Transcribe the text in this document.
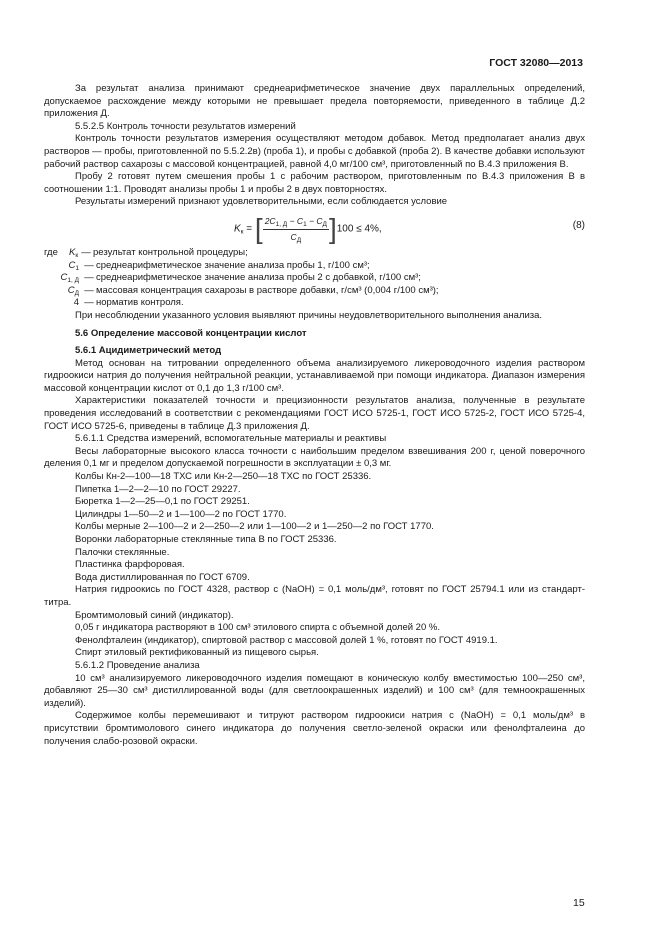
ГОСТ 32080—2013

За результат анализа принимают среднеарифметическое значение двух параллельных определений, допускаемое расхождение между которыми не превышает предела повторяемости, приведенного в таблице Д.2 приложения Д.

5.5.2.5 Контроль точности результатов измерений

Контроль точности результатов измерения осуществляют методом добавок. Метод предполагает анализ двух растворов — пробы, приготовленной по 5.5.2.2в) (проба 1), и пробы с добавкой (проба 2). В качестве добавки используют рабочий раствор сахарозы с массовой концентрацией, равной 4,0 мг/100 см³, приготовленный по В.4.3 приложения В.

Пробу 2 готовят путем смешения пробы 1 с рабочим раствором, приготовленным по В.4.3 приложения В в соотношении 1:1. Проводят анализы пробы 1 и пробы 2 в двух повторностях.

Результаты измерений признают удовлетворительными, если соблюдается условие

$K_к$ = [ $\frac{2C_{1, Д} - C_1 - C_Д}{C_Д} ]100 \le 4\%$,	(8)
где	$K_к$ — результат контрольной процедуры;
$C_1$ — среднеарифметическое значение анализа пробы 1, г/100 см³;
$C_{1, Д}$ — среднеарифметическое значение анализа пробы 2 с добавкой, г/100 см³;
$C_Д$ — массовая концентрация сахарозы в растворе добавки, г/см³ (0,004 г/100 см³);
4 — норматив контроля.

При несоблюдении указанного условия выявляют причины неудовлетворительного выполнения анализа.

5.6 Определение массовой концентрации кислот

5.6.1 Ацидиметрический метод

Метод основан на титровании определенного объема анализируемого ликероводочного изделия раствором гидроокиси натрия до получения нейтральной реакции, устанавливаемой при помощи индикатора. Диапазон измерения массовой концентрации кислот от 0,1 до 1,3 г/100 см³.

Характеристики показателей точности и прецизионности результатов анализа, полученные в результате проведения исследований в соответствии с рекомендациями ГОСТ ИСО 5725-1, ГОСТ ИСО 5725-2, ГОСТ ИСО 5725-4, ГОСТ ИСО 5725-6, приведены в таблице Д.3 приложения Д.

5.6.1.1 Средства измерений, вспомогательные материалы и реактивы

Весы лабораторные высокого класса точности с наибольшим пределом взвешивания 200 г, ценой поверочного деления 0,1 мг и пределом допускаемой погрешности в эксплуатации ± 0,3 мг.

Колбы Кн-2—100—18 ТХС или Кн-2—250—18 ТХС по ГОСТ 25336.

Пипетка 1—2—2—10 по ГОСТ 29227.

Бюретка 1—2—25—0,1 по ГОСТ 29251.

Цилиндры 1—50—2 и 1—100—2 по ГОСТ 1770.

Колбы мерные 2—100—2 и 2—250—2 или 1—100—2 и 1—250—2 по ГОСТ 1770.

Воронки лабораторные стеклянные типа В по ГОСТ 25336.

Палочки стеклянные.

Пластинка фарфоровая.

Вода дистиллированная по ГОСТ 6709.

Натрия гидроокись по ГОСТ 4328, раствор c (NaOH) = 0,1 моль/дм³, готовят по ГОСТ 25794.1 или из стандарт-титра.

Бромтимоловый синий (индикатор).

0,05 г индикатора растворяют в 100 см³ этилового спирта с объемной долей 20 %.

Фенолфталеин (индикатор), спиртовой раствор с массовой долей 1 %, готовят по ГОСТ 4919.1.

Спирт этиловый ректификованный из пищевого сырья.

5.6.1.2 Проведение анализа

10 см³ анализируемого ликероводочного изделия помещают в коническую колбу вместимостью 100—250 см³, добавляют 25—30 см³ дистиллированной воды (для светлоокрашенных изделий) и 100 см³ (для темноокрашенных изделий).

Содержимое колбы перемешивают и титруют раствором гидроокиси натрия c (NaOH) = 0,1 моль/дм³ в присутствии бромтимолового синего индикатора до получения светло-зеленой окраски или фенолфталеина до получения слабо-розовой окраски.

15
